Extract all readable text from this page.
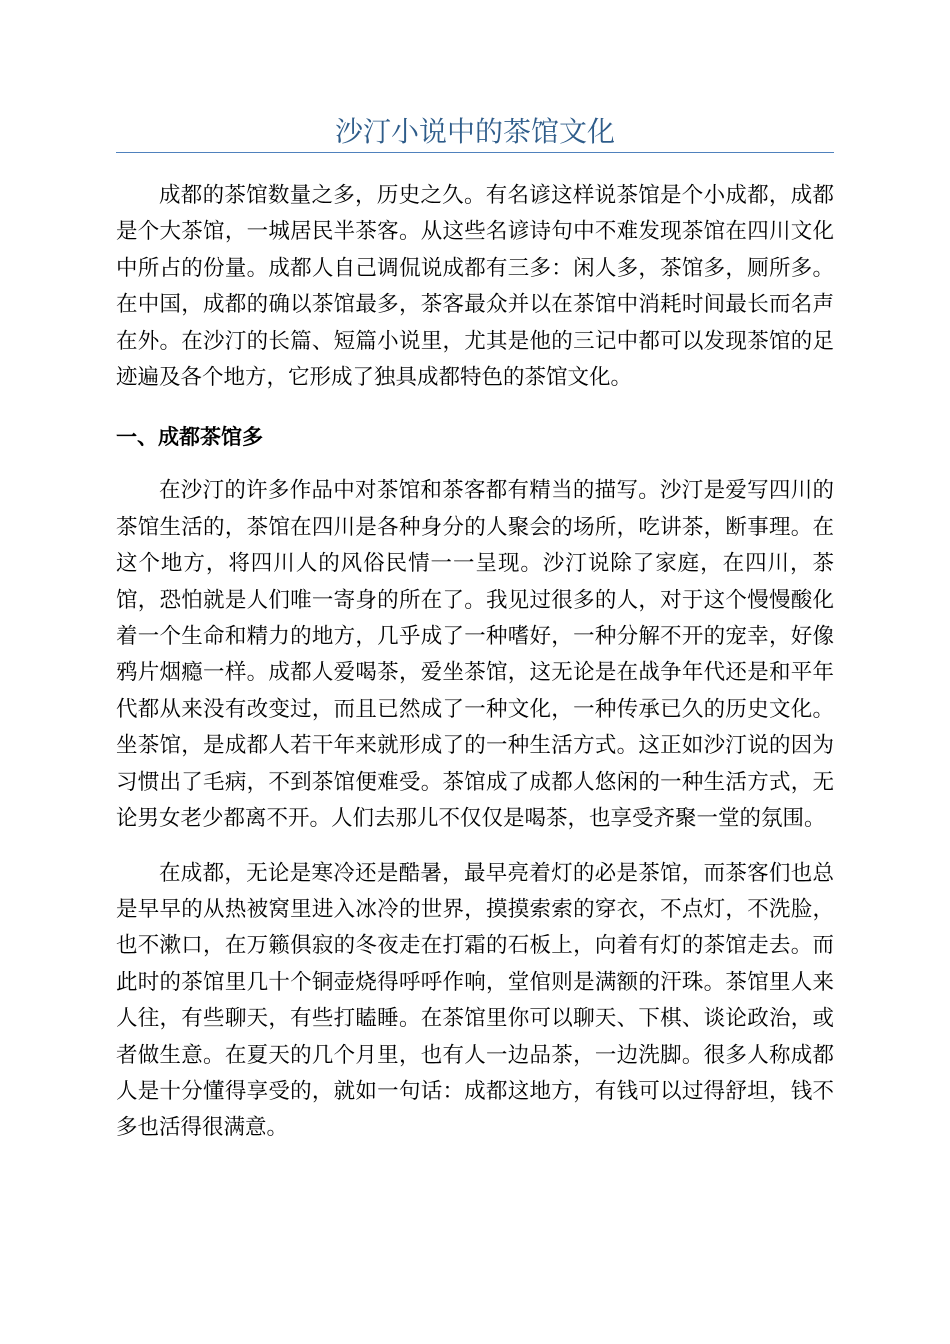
沙汀小说中的茶馆文化

成都的茶馆数量之多，历史之久。有名谚这样说茶馆是个小成都，成都是个大茶馆，一城居民半茶客。从这些名谚诗句中不难发现茶馆在四川文化中所占的份量。成都人自己调侃说成都有三多：闲人多，茶馆多，厕所多。在中国，成都的确以茶馆最多，茶客最众并以在茶馆中消耗时间最长而名声在外。在沙汀的长篇、短篇小说里，尤其是他的三记中都可以发现茶馆的足迹遍及各个地方，它形成了独具成都特色的茶馆文化。

一、成都茶馆多

在沙汀的许多作品中对茶馆和茶客都有精当的描写。沙汀是爱写四川的茶馆生活的，茶馆在四川是各种身分的人聚会的场所，吃讲茶，断事理。在这个地方，将四川人的风俗民情一一呈现。沙汀说除了家庭，在四川，茶馆，恐怕就是人们唯一寄身的所在了。我见过很多的人，对于这个慢慢酸化着一个生命和精力的地方，几乎成了一种嗜好，一种分解不开的宠幸，好像鸦片烟瘾一样。成都人爱喝茶，爱坐茶馆，这无论是在战争年代还是和平年代都从来没有改变过，而且已然成了一种文化，一种传承已久的历史文化。坐茶馆，是成都人若干年来就形成了的一种生活方式。这正如沙汀说的因为习惯出了毛病，不到茶馆便难受。茶馆成了成都人悠闲的一种生活方式，无论男女老少都离不开。人们去那儿不仅仅是喝茶，也享受齐聚一堂的氛围。

在成都，无论是寒冷还是酷暑，最早亮着灯的必是茶馆，而茶客们也总是早早的从热被窝里进入冰冷的世界，摸摸索索的穿衣，不点灯，不洗脸，也不漱口，在万籁俱寂的冬夜走在打霜的石板上，向着有灯的茶馆走去。而此时的茶馆里几十个铜壶烧得呼呼作响，堂倌则是满额的汗珠。茶馆里人来人往，有些聊天，有些打瞌睡。在茶馆里你可以聊天、下棋、谈论政治，或者做生意。在夏天的几个月里，也有人一边品茶，一边洗脚。很多人称成都人是十分懂得享受的，就如一句话：成都这地方，有钱可以过得舒坦，钱不多也活得很满意。
